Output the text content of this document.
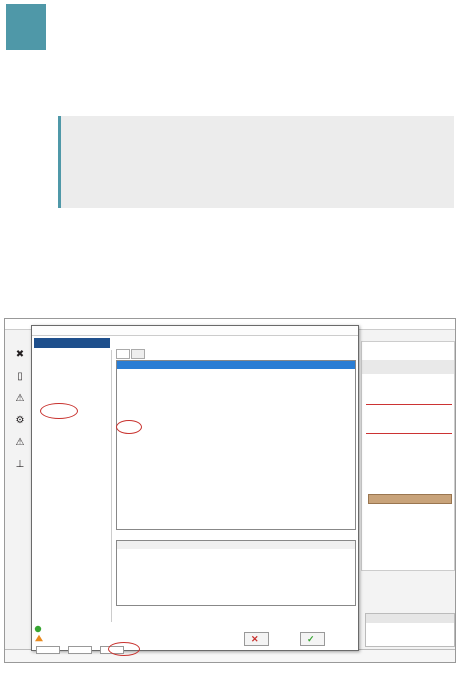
✖
▯
⚠
⚙
⚠
⊥
✕	✓
